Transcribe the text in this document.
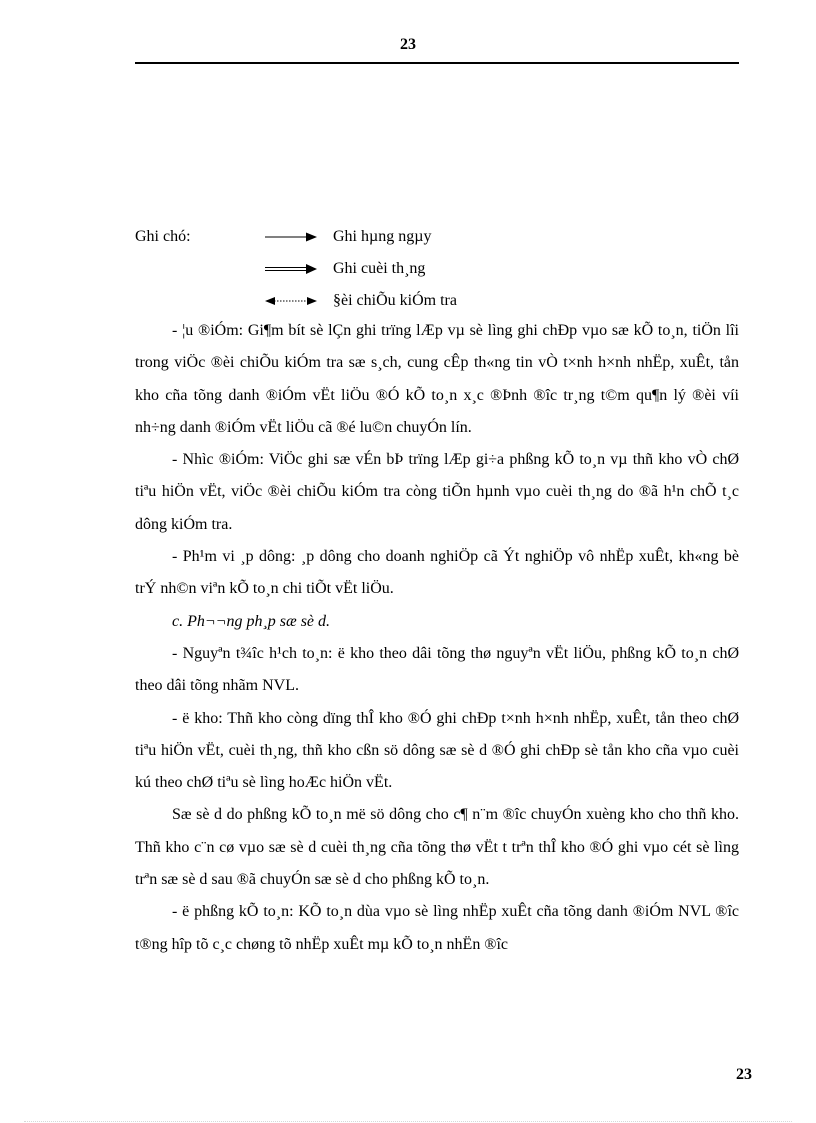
23
Ghi chó:	Ghi hµng ngµy
Ghi cuèi th¸ng
§èi chiÕu kiÓm tra

- ¦u ®iÓm: Gi¶m bít sè lÇn ghi trïng lÆp vµ sè lìng ghi chÐp vµo sæ kÕ to¸n, tiÖn lîi trong viÖc ®èi chiÕu kiÓm tra sæ s¸ch, cung cÊp th«ng tin vÒ t×nh h×nh nhËp, xuÊt, tån kho cña tõng danh ®iÓm vËt liÖu ®Ó kÕ to¸n x¸c ®Þnh ®îc tr¸ng t©m qu¶n lý ®èi víi nh÷ng danh ®iÓm vËt liÖu cã ®é lu©n chuyÓn lín.

- Nhìc ®iÓm: ViÖc ghi sæ vÉn bÞ trïng lÆp gi÷a phßng kÕ to¸n vµ thñ kho vÒ chØ tiªu hiÖn vËt, viÖc ®èi chiÕu kiÓm tra còng tiÕn hµnh vµo cuèi th¸ng do ®ã h¹n chÕ t¸c dông kiÓm tra.

- Ph¹m vi ¸p dông: ¸p dông cho doanh nghiÖp cã Ýt nghiÖp vô nhËp xuÊt, kh«ng bè trÝ nh©n viªn kÕ to¸n chi tiÕt vËt liÖu.

c. Ph¬¬ng ph¸p sæ sè d.

- Nguyªn t¾îc h¹ch to¸n: ë kho theo dâi tõng thø nguyªn vËt liÖu, phßng kÕ to¸n chØ theo dâi tõng nhãm NVL.

- ë kho: Thñ kho còng dïng thÎ kho ®Ó ghi chÐp t×nh h×nh nhËp, xuÊt, tån theo chØ tiªu hiÖn vËt, cuèi th¸ng, thñ kho cßn sö dông sæ sè d ®Ó ghi chÐp sè tån kho cña vµo cuèi kú theo chØ tiªu sè lìng hoÆc hiÖn vËt.

Sæ sè d do phßng kÕ to¸n më sö dông cho c¶ n¨m ®îc chuyÓn xuèng kho cho thñ kho. Thñ kho c¨n cø vµo sæ sè d cuèi th¸ng cña tõng thø vËt t trªn thÎ kho ®Ó ghi vµo cét sè lìng trªn sæ sè d sau ®ã chuyÓn sæ sè d cho phßng kÕ to¸n.

- ë phßng kÕ to¸n: KÕ to¸n dùa vµo sè lìng nhËp xuÊt cña tõng danh ®iÓm NVL ®îc t®ng hîp tõ c¸c chøng tõ nhËp xuÊt mµ kÕ to¸n nhËn ®îc

23
